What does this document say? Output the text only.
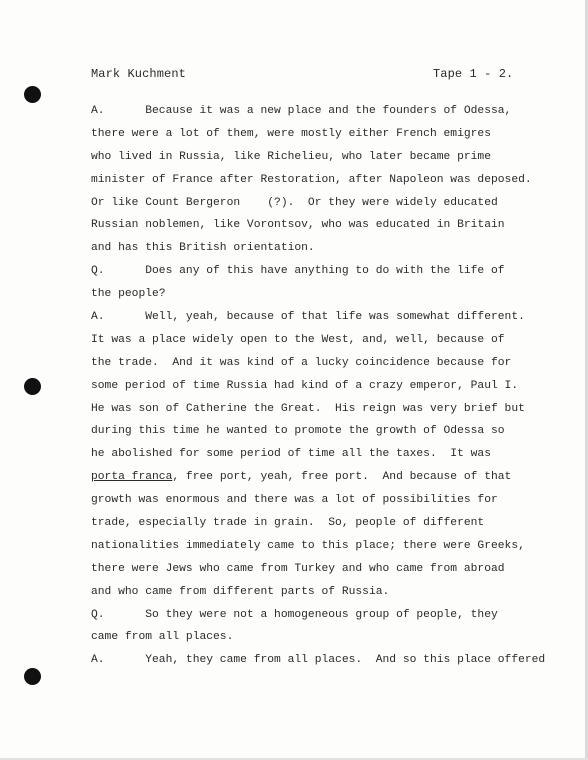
Mark Kuchment	Tape 1 - 2.
A.      Because it was a new place and the founders of Odessa,
there were a lot of them, were mostly either French emigres
who lived in Russia, like Richelieu, who later became prime
minister of France after Restoration, after Napoleon was deposed.
Or like Count Bergeron    (?).  Or they were widely educated
Russian noblemen, like Vorontsov, who was educated in Britain
and has this British orientation.
Q.      Does any of this have anything to do with the life of
the people?
A.      Well, yeah, because of that life was somewhat different.
It was a place widely open to the West, and, well, because of
the trade.  And it was kind of a lucky coincidence because for
some period of time Russia had kind of a crazy emperor, Paul I.
He was son of Catherine the Great.  His reign was very brief but
during this time he wanted to promote the growth of Odessa so
he abolished for some period of time all the taxes.  It was
porta franca, free port, yeah, free port.  And because of that
growth was enormous and there was a lot of possibilities for
trade, especially trade in grain.  So, people of different
nationalities immediately came to this place; there were Greeks,
there were Jews who came from Turkey and who came from abroad
and who came from different parts of Russia.
Q.      So they were not a homogeneous group of people, they
came from all places.
A.      Yeah, they came from all places.  And so this place offered
